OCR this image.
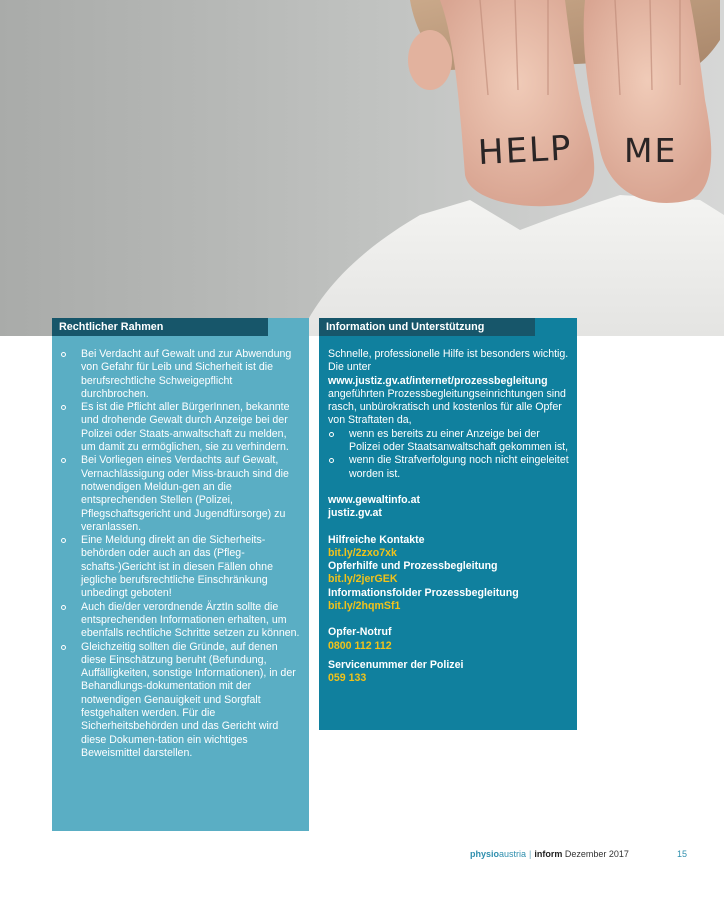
HELP ME
Rechtlicher Rahmen
Bei Verdacht auf Gewalt und zur Abwendung von Gefahr für Leib und Sicherheit ist die berufsrechtliche Schweigepflicht durchbrochen.
Es ist die Pflicht aller BürgerInnen, bekannte und drohende Gewalt durch Anzeige bei der Polizei oder Staats-anwaltschaft zu melden, um damit zu ermöglichen, sie zu verhindern.
Bei Vorliegen eines Verdachts auf Gewalt, Vernachlässigung oder Miss-brauch sind die notwendigen Meldun-gen an die entsprechenden Stellen (Polizei, Pflegschaftsgericht und Jugendfürsorge) zu veranlassen.
Eine Meldung direkt an die Sicherheits-behörden oder auch an das (Pfleg-schafts-)Gericht ist in diesen Fällen ohne jegliche berufsrechtliche Einschränkung unbedingt geboten!
Auch die/der verordnende ÄrztIn sollte die entsprechenden Informationen erhalten, um ebenfalls rechtliche Schritte setzen zu können.
Gleichzeitig sollten die Gründe, auf denen diese Einschätzung beruht (Befundung, Auffälligkeiten, sonstige Informationen), in der Behandlungs-dokumentation mit der notwendigen Genauigkeit und Sorgfalt festgehalten werden. Für die Sicherheitsbehörden und das Gericht wird diese Dokumen-tation ein wichtiges Beweismittel darstellen.
Information und Unterstützung

Schnelle, professionelle Hilfe ist besonders wichtig. Die unter
www.justiz.gv.at/internet/prozessbegleitung
angeführten Prozessbegleitungseinrichtungen sind rasch, unbürokratisch und kostenlos für alle Opfer von Straftaten da,

wenn es bereits zu einer Anzeige bei der Polizei oder Staatsanwaltschaft gekommen ist,
wenn die Strafverfolgung noch nicht eingeleitet worden ist.

www.gewaltinfo.at

justiz.gv.at

Hilfreiche Kontakte

bit.ly/2zxo7xk

Opferhilfe und Prozessbegleitung

bit.ly/2jerGEK

Informationsfolder Prozessbegleitung

bit.ly/2hqmSf1

Opfer-Notruf

0800 112 112

Servicenummer der Polizei

059 133

physioaustria | inform Dezember 2017	15
